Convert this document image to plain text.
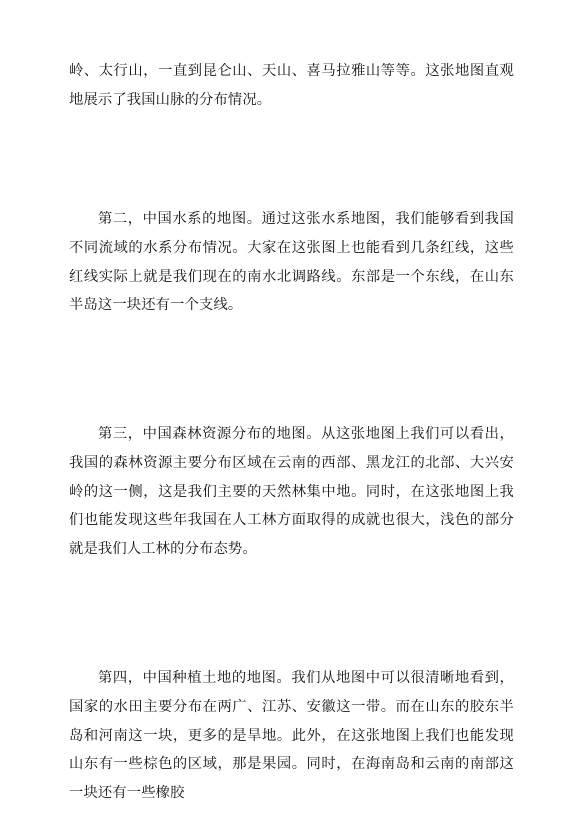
岭、太行山，一直到昆仑山、天山、喜马拉雅山等等。这张地图直观地展示了我国山脉的分布情况。

第二，中国水系的地图。通过这张水系地图，我们能够看到我国不同流域的水系分布情况。大家在这张图上也能看到几条红线，这些红线实际上就是我们现在的南水北调路线。东部是一个东线，在山东半岛这一块还有一个支线。

第三，中国森林资源分布的地图。从这张地图上我们可以看出，我国的森林资源主要分布区域在云南的西部、黑龙江的北部、大兴安岭的这一侧，这是我们主要的天然林集中地。同时，在这张地图上我们也能发现这些年我国在人工林方面取得的成就也很大，浅色的部分就是我们人工林的分布态势。

第四，中国种植土地的地图。我们从地图中可以很清晰地看到，国家的水田主要分布在两广、江苏、安徽这一带。而在山东的胶东半岛和河南这一块，更多的是旱地。此外，在这张地图上我们也能发现山东有一些棕色的区域，那是果园。同时，在海南岛和云南的南部这一块还有一些橡胶
